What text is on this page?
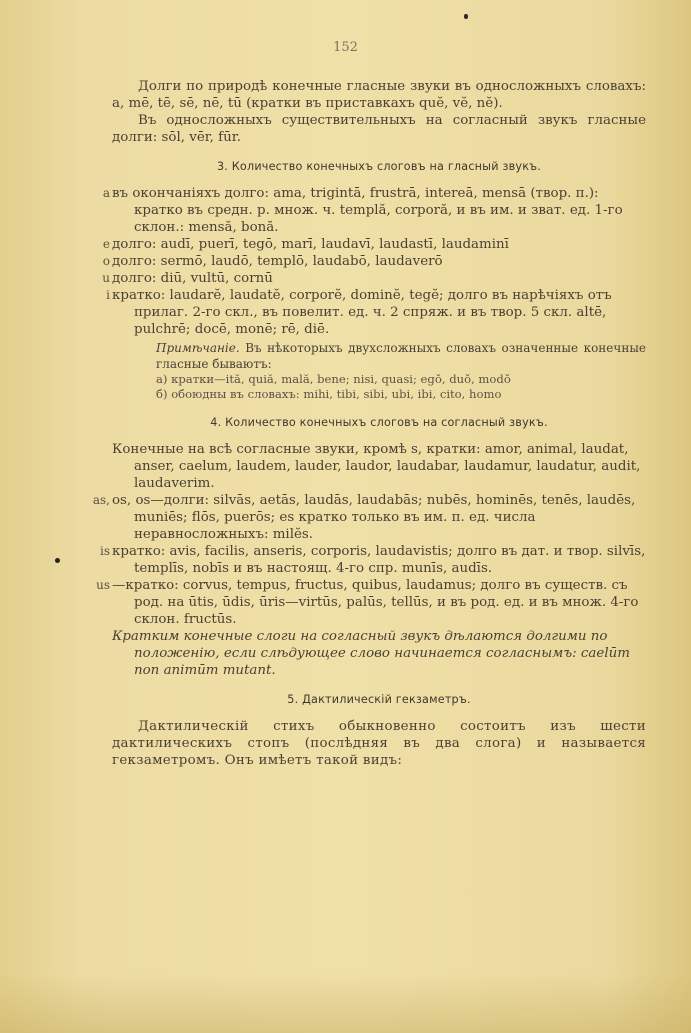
152

Долги по природѣ конечные гласные звуки въ односложныхъ словахъ: а, mē, tē, sē, nē, tū (кратки въ приставкахъ quĕ, vĕ, nĕ).

Въ односложныхъ существительныхъ на согласный звукъ гласные долги: sōl, vēr, fūr.

3. Количество конечныхъ слоговъ на гласный звукъ.

a въ окончаніяхъ долго: ama, trigintā, frustrā, intereā, mensā (твор. п.): кратко въ средн. р. множ. ч. templă, corporă, и въ им. и зват. ед. 1-го склон.: mensă, bonă.

e долго: audī, puerī, tegō, marī, laudavī, laudastī, laudaminī

o долго: sermō, laudō, templō, laudabō, laudaverō

u долго: diū, vultū, cornū

i кратко: laudarĕ, laudatĕ, corporĕ, dominĕ, tegĕ; долго въ нарѣчіяхъ отъ прилаг. 2-го скл., въ повелит. ед. ч. 2 спряж. и въ твор. 5 скл. altē, pulchrē; docē, monē; rē, diē.

Примѣчаніе. Въ нѣкоторыхъ двухсложныхъ словахъ означенные конечные гласные бываютъ:

а) кратки—ită, quiă, mală, bene; nisi, quasi; egŏ, duŏ, modŏ

б) обоюдны въ словахъ: mihi, tibi, sibi, ubi, ibi, cito, homo

4. Количество конечныхъ слоговъ на согласный звукъ.

Конечные на всѣ согласные звуки, кромѣ s, кратки: amor, animal, laudat, anser, caelum, laudem, lauder, laudor, laudabar, laudamur, laudatur, audit, laudaverim.

as, os, os—долги: silvās, aetās, laudās, laudabās; nubēs, hominēs, tenēs, laudēs, muniēs; flōs, puerōs; es кратко только въ им. п. ед. числа неравносложныхъ: milĕs.

is кратко: avis, facilis, anseris, corporis, laudavistis; долго въ дат. и твор. silvīs, templīs, nobīs и въ настоящ. 4-го спр. munīs, audīs.

us —кратко: corvus, tempus, fructus, quibus, laudamus; долго въ существ. съ род. на ūtis, ūdis, ūris—virtūs, palūs, tellūs, и въ род. ед. и въ множ. 4-го склон. fructūs.

Кратким конечные слоги на согласный звукъ дѣлаются долгими по положенію, если слѣдующее слово начинается согласнымъ: caelūm non animūm mutant.

5. Дактилическій гекзаметръ.

Дактилическій стихъ обыкновенно состоитъ изъ шести дактилическихъ стопъ (послѣдняя въ два слога) и называется гекзаметромъ. Онъ имѣетъ такой видъ:
